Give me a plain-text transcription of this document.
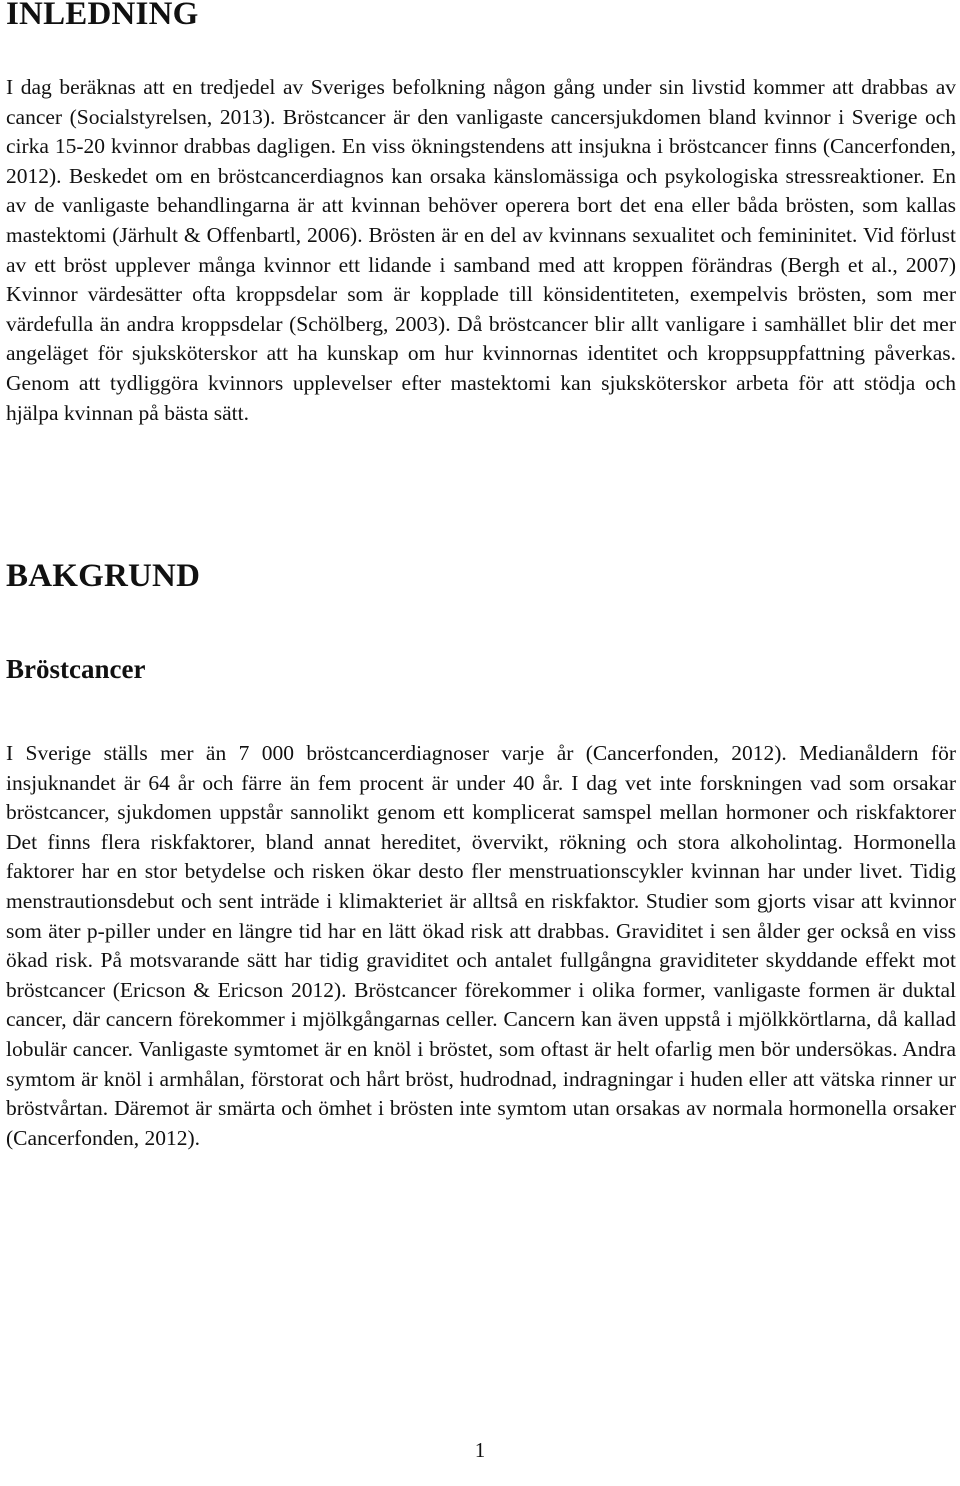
INLEDNING

I dag beräknas att en tredjedel av Sveriges befolkning någon gång under sin livstid kommer att drabbas av cancer (Socialstyrelsen, 2013). Bröstcancer är den vanligaste cancersjukdomen bland kvinnor i Sverige och cirka 15-20 kvinnor drabbas dagligen. En viss ökningstendens att insjukna i bröstcancer finns (Cancerfonden, 2012). Beskedet om en bröstcancerdiagnos kan orsaka känslomässiga och psykologiska stressreaktioner. En av de vanligaste behandlingarna är att kvinnan behöver operera bort det ena eller båda brösten, som kallas mastektomi (Järhult & Offenbartl, 2006). Brösten är en del av kvinnans sexualitet och femininitet. Vid förlust av ett bröst upplever många kvinnor ett lidande i samband med att kroppen förändras (Bergh et al., 2007) Kvinnor värdesätter ofta kroppsdelar som är kopplade till könsidentiteten, exempelvis brösten, som mer värdefulla än andra kroppsdelar (Schölberg, 2003). Då bröstcancer blir allt vanligare i samhället blir det mer angeläget för sjuksköterskor att ha kunskap om hur kvinnornas identitet och kroppsuppfattning påverkas. Genom att tydliggöra kvinnors upplevelser efter mastektomi kan sjuksköterskor arbeta för att stödja och hjälpa kvinnan på bästa sätt.

BAKGRUND
Bröstcancer

I Sverige ställs mer än 7 000 bröstcancerdiagnoser varje år (Cancerfonden, 2012). Medianåldern för insjuknandet är 64 år och färre än fem procent är under 40 år. I dag vet inte forskningen vad som orsakar bröstcancer, sjukdomen uppstår sannolikt genom ett komplicerat samspel mellan hormoner och riskfaktorer Det finns flera riskfaktorer, bland annat hereditet, övervikt, rökning och stora alkoholintag. Hormonella faktorer har en stor betydelse och risken ökar desto fler menstruationscykler kvinnan har under livet. Tidig menstrautionsdebut och sent inträde i klimakteriet är alltså en riskfaktor. Studier som gjorts visar att kvinnor som äter p-piller under en längre tid har en lätt ökad risk att drabbas. Graviditet i sen ålder ger också en viss ökad risk. På motsvarande sätt har tidig graviditet och antalet fullgångna graviditeter skyddande effekt mot bröstcancer (Ericson & Ericson 2012). Bröstcancer förekommer i olika former, vanligaste formen är duktal cancer, där cancern förekommer i mjölkgångarnas celler. Cancern kan även uppstå i mjölkkörtlarna, då kallad lobulär cancer. Vanligaste symtomet är en knöl i bröstet, som oftast är helt ofarlig men bör undersökas. Andra symtom är knöl i armhålan, förstorat och hårt bröst, hudrodnad, indragningar i huden eller att vätska rinner ur bröstvårtan. Däremot är smärta och ömhet i brösten inte symtom utan orsakas av normala hormonella orsaker (Cancerfonden, 2012).

1
